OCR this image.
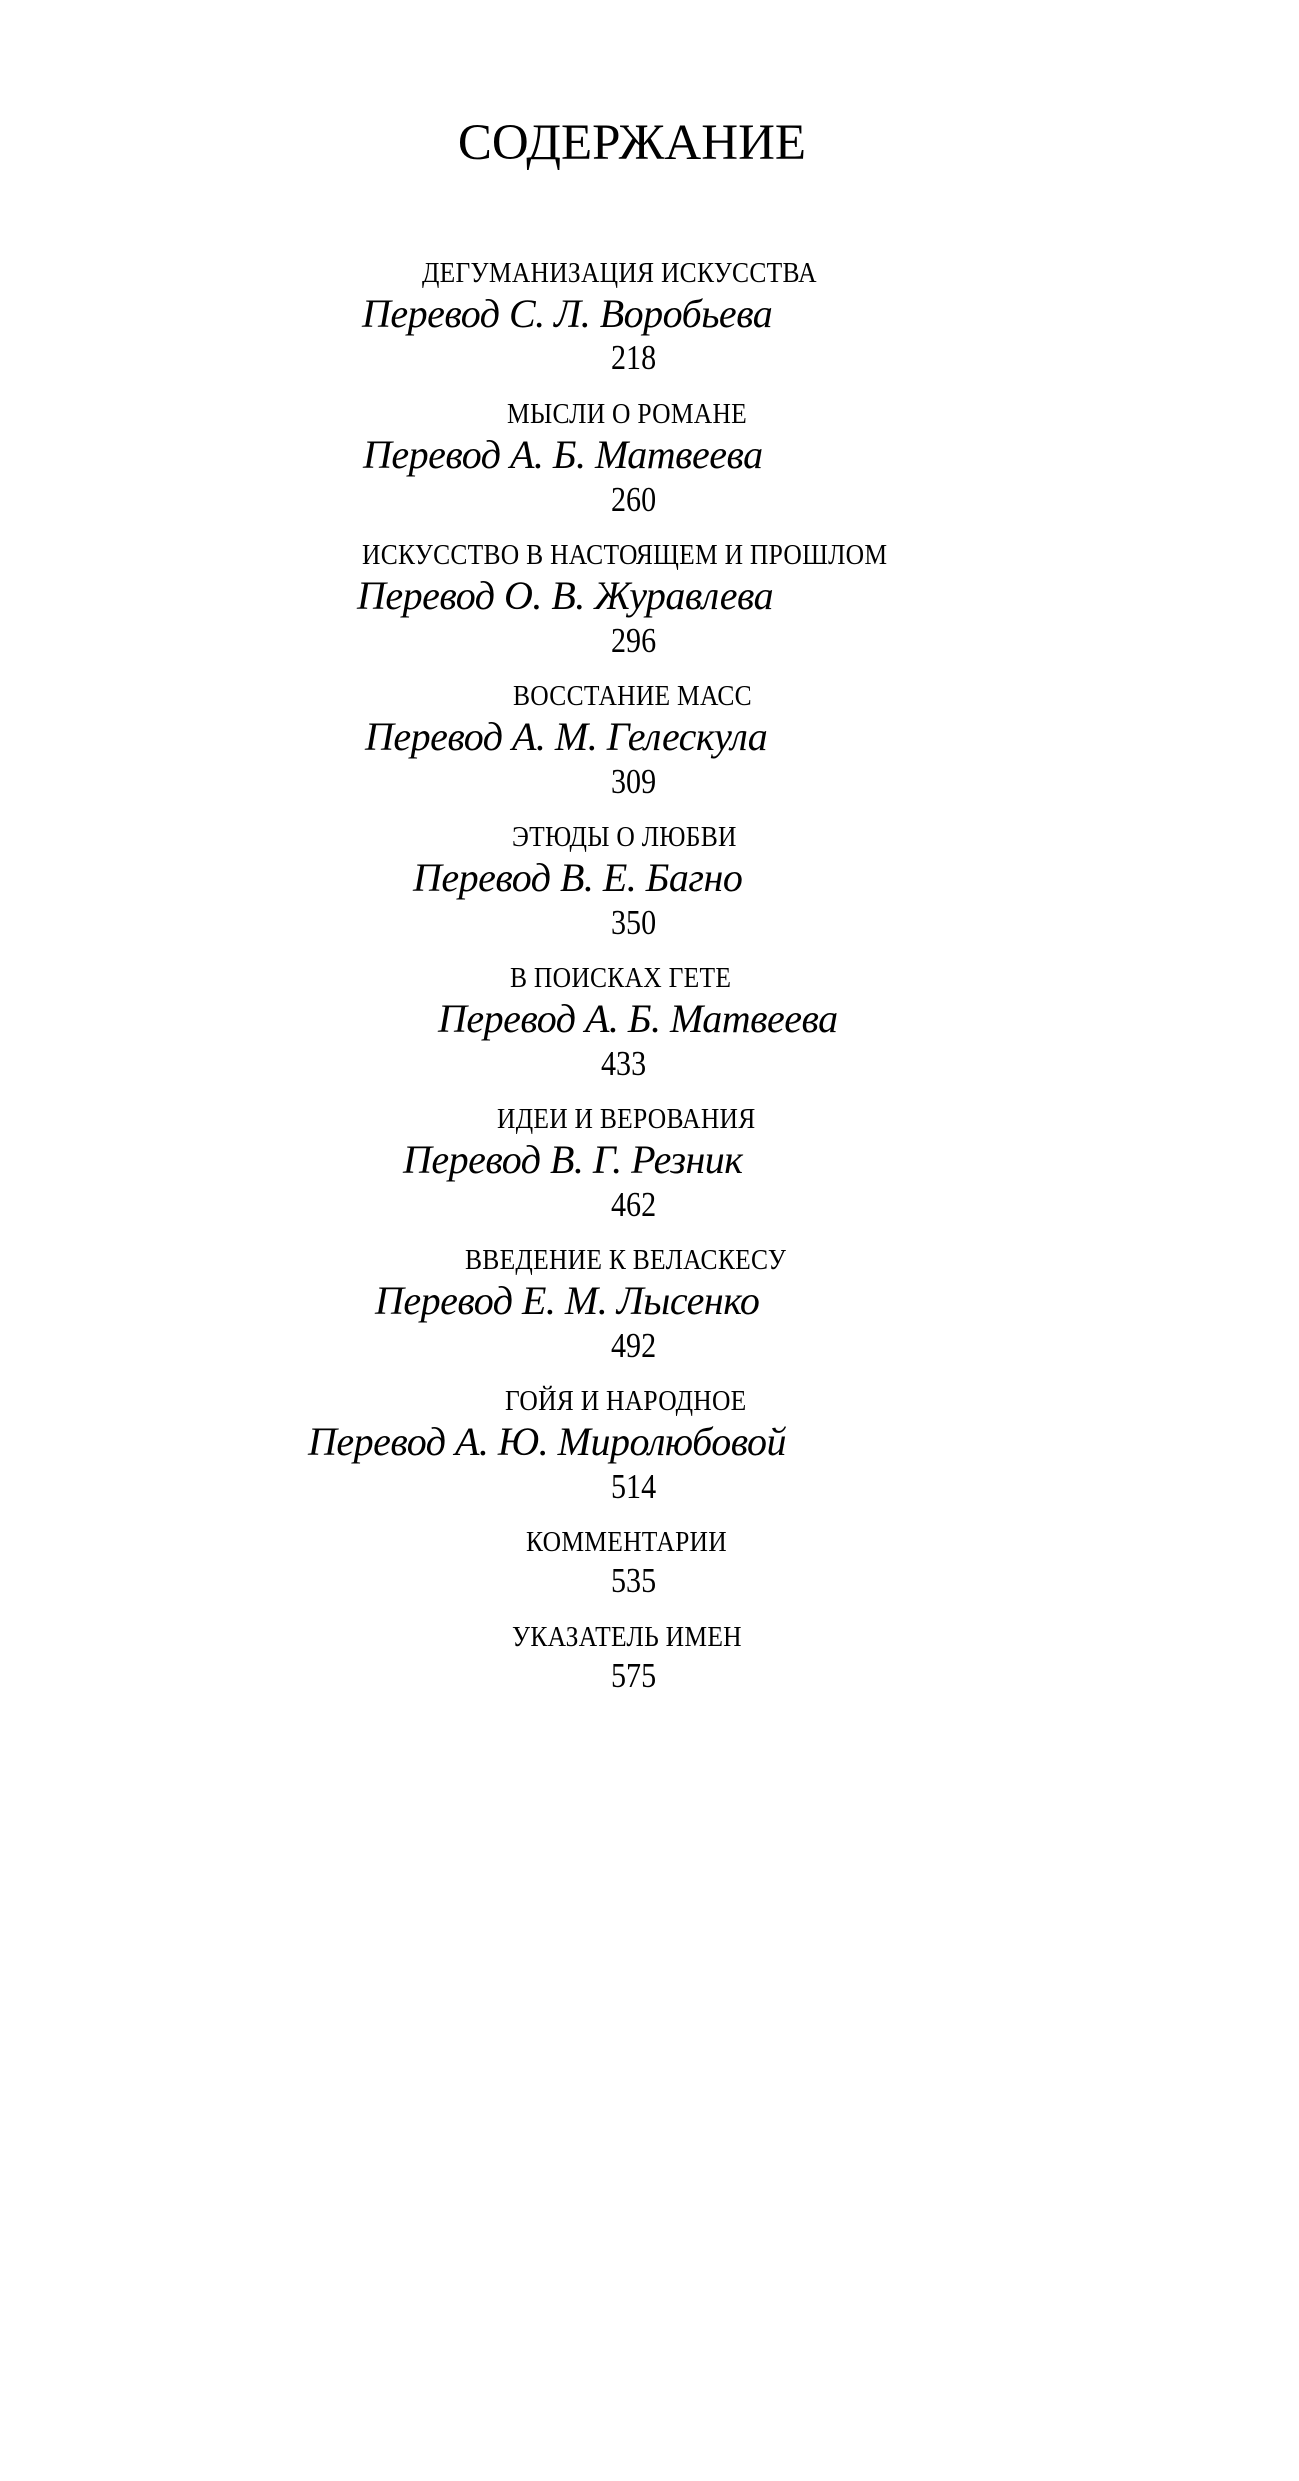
СОДЕРЖАНИЕ
ДЕГУМАНИЗАЦИЯ ИСКУССТВА
Перевод С. Л. Воробьева
218
МЫСЛИ О РОМАНЕ
Перевод А. Б. Матвеева
260
ИСКУССТВО В НАСТОЯЩЕМ И ПРОШЛОМ
Перевод О. В. Журавлева
296
ВОССТАНИЕ МАСС
Перевод А. М. Гелескула
309
ЭТЮДЫ О ЛЮБВИ
Перевод В. Е. Багно
350
В ПОИСКАХ ГЕТЕ
Перевод А. Б. Матвеева
433
ИДЕИ И ВЕРОВАНИЯ
Перевод В. Г. Резник
462
ВВЕДЕНИЕ К ВЕЛАСКЕСУ
Перевод Е. М. Лысенко
492
ГОЙЯ И НАРОДНОЕ
Перевод А. Ю. Миролюбовой
514
КОММЕНТАРИИ
535
УКАЗАТЕЛЬ ИМЕН
575
